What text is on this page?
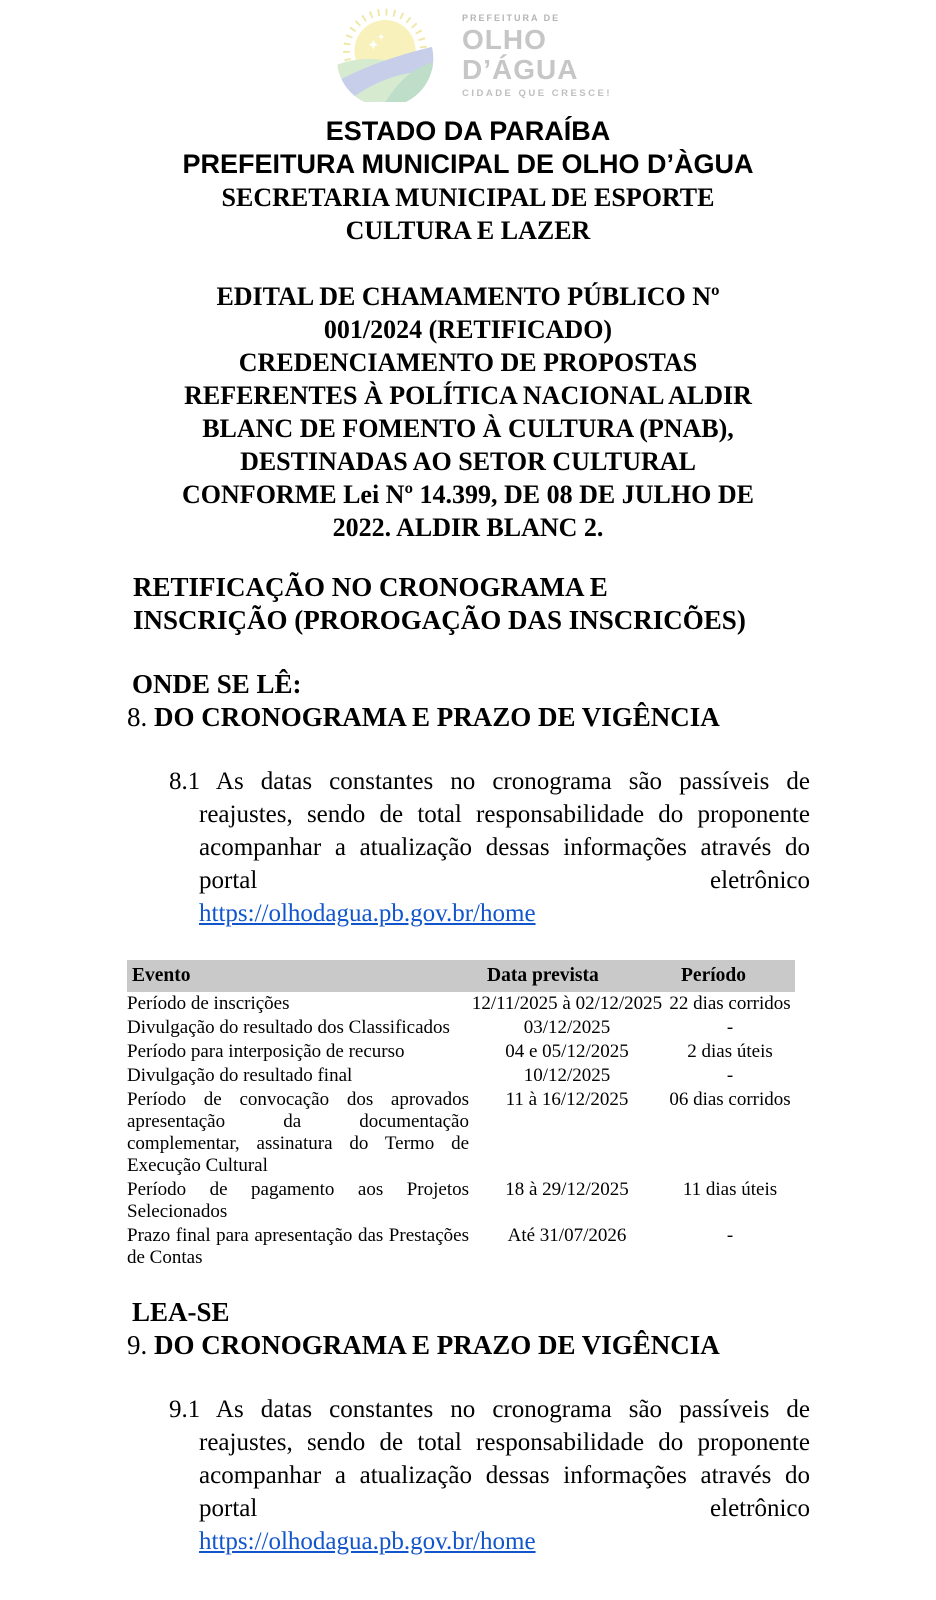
PREFEITURA DE
OLHO
D’ÁGUA
CIDADE QUE CRESCE!
ESTADO DA PARAÍBA
PREFEITURA MUNICIPAL DE OLHO D’ÀGUA
SECRETARIA MUNICIPAL DE ESPORTE
CULTURA E LAZER
EDITAL DE CHAMAMENTO PÚBLICO Nº
001/2024 (RETIFICADO)
CREDENCIAMENTO DE PROPOSTAS
REFERENTES À POLÍTICA NACIONAL ALDIR
BLANC DE FOMENTO À CULTURA (PNAB),
DESTINADAS AO SETOR CULTURAL
CONFORME Lei Nº 14.399, DE 08 DE JULHO DE
2022. ALDIR BLANC 2.
RETIFICAÇÃO NO CRONOGRAMA E
INSCRIÇÃO (PROROGAÇÃO DAS INSCRICÕES)
ONDE SE LÊ:
8. DO CRONOGRAMA E PRAZO DE VIGÊNCIA

8.1 As datas constantes no cronograma são passíveis de reajustes, sendo de total responsabilidade do proponente acompanhar a atualização dessas informações através do portal eletrônico

https://olhodagua.pb.gov.br/home
Evento	Data prevista	Período
Período de inscrições	12/11/2025 à 02/12/2025	22 dias corridos
Divulgação do resultado dos Classificados	03/12/2025	-
Período para interposição de recurso	04 e 05/12/2025	2 dias úteis
Divulgação do resultado final	10/12/2025	-
Período de convocação dos aprovados apresentação da documentação complementar, assinatura do Termo de Execução Cultural	11 à 16/12/2025	06 dias corridos
Período de pagamento aos Projetos Selecionados	18 à 29/12/2025	11 dias úteis
Prazo final para apresentação das Prestações de Contas	Até 31/07/2026	-
LEA-SE
9. DO CRONOGRAMA E PRAZO DE VIGÊNCIA

9.1 As datas constantes no cronograma são passíveis de reajustes, sendo de total responsabilidade do proponente acompanhar a atualização dessas informações através do portal eletrônico

https://olhodagua.pb.gov.br/home
